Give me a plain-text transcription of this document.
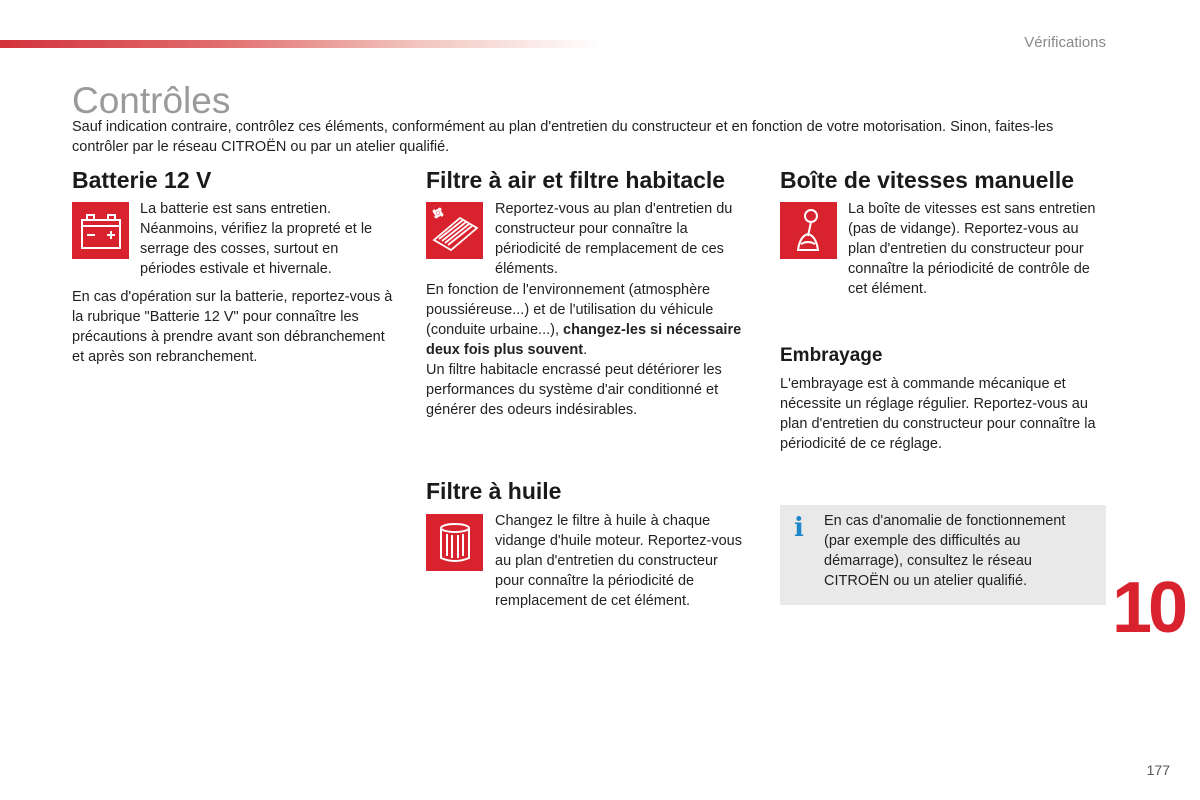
Vérifications
Contrôles

Sauf indication contraire, contrôlez ces éléments, conformément au plan d'entretien du constructeur et en fonction de votre motorisation. Sinon, faites-les contrôler par le réseau CITROËN ou par un atelier qualifié.

Batterie 12 V

La batterie est sans entretien. Néanmoins, vérifiez la propreté et le serrage des cosses, surtout en périodes estivale et hivernale.

En cas d'opération sur la batterie, reportez-vous à la rubrique "Batterie 12 V" pour connaître les précautions à prendre avant son débranchement et après son rebranchement.

Filtre à air et filtre habitacle

Reportez-vous au plan d'entretien du constructeur pour connaître la périodicité de remplacement de ces éléments.

En fonction de l'environnement (atmosphère poussiéreuse...) et de l'utilisation du véhicule (conduite urbaine...), changez-les si nécessaire deux fois plus souvent.

Un filtre habitacle encrassé peut détériorer les performances du système d'air conditionné et générer des odeurs indésirables.

Filtre à huile

Changez le filtre à huile à chaque vidange d'huile moteur. Reportez-vous au plan d'entretien du constructeur pour connaître la périodicité de remplacement de cet élément.

Boîte de vitesses manuelle

La boîte de vitesses est sans entretien (pas de vidange). Reportez-vous au plan d'entretien du constructeur pour connaître la périodicité de contrôle de cet élément.

Embrayage

L'embrayage est à commande mécanique et nécessite un réglage régulier. Reportez-vous au plan d'entretien du constructeur pour connaître la périodicité de ce réglage.

i En cas d'anomalie de fonctionnement (par exemple des difficultés au démarrage), consultez le réseau CITROËN ou un atelier qualifié.	10
177
